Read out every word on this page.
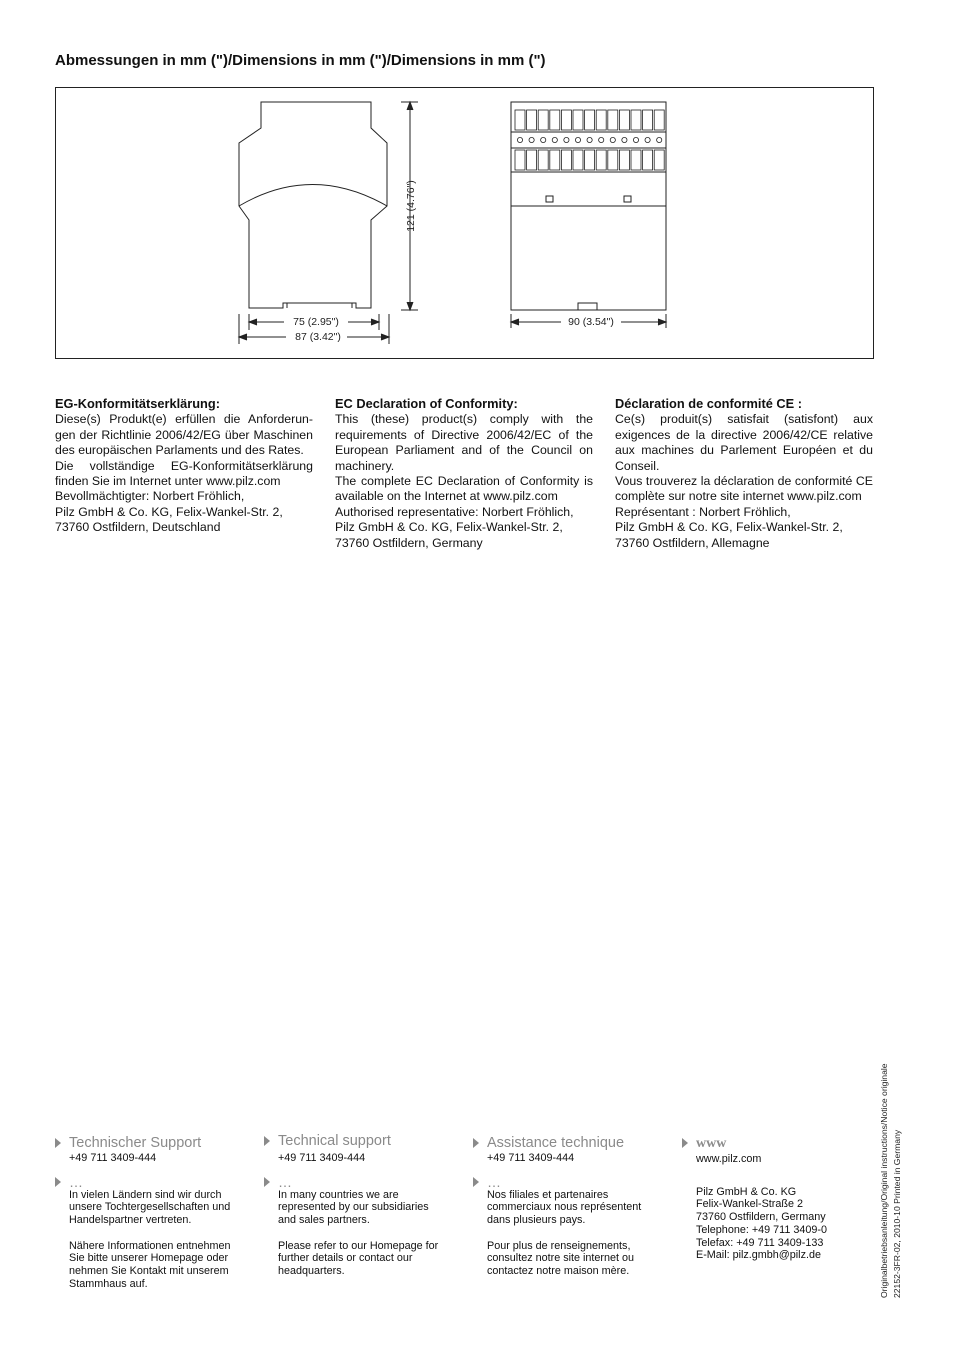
Abmessungen in mm (")/Dimensions in mm (")/Dimensions in mm (")
121 (4.76")
75 (2.95")
87 (3.42")
90 (3.54")
EG-Konformitätserklärung:

Diese(s) Produkt(e) erfüllen die Anforderun-gen der Richtlinie 2006/42/EG über Maschinen des europäischen Parlaments und des Rates.

Die vollständige EG-Konformitätserklärung finden Sie im Internet unter www.pilz.com

Bevollmächtigter: Norbert Fröhlich,

Pilz GmbH & Co. KG, Felix-Wankel-Str. 2,

73760 Ostfildern, Deutschland

EC Declaration of Conformity:

This (these) product(s) comply with the requirements of Directive 2006/42/EC of the European Parliament and of the Council on machinery.

The complete EC Declaration of Conformity is available on the Internet at www.pilz.com

Authorised representative: Norbert Fröhlich,

Pilz GmbH & Co. KG, Felix-Wankel-Str. 2,

73760 Ostfildern, Germany

Déclaration de conformité CE :

Ce(s) produit(s) satisfait (satisfont) aux exigences de la directive 2006/42/CE relative aux machines du Parlement Européen et du Conseil.

Vous trouverez la déclaration de conformité CE complète sur notre site internet www.pilz.com

Représentant : Norbert Fröhlich,

Pilz GmbH & Co. KG, Felix-Wankel-Str. 2,

73760 Ostfildern, Allemagne

Technischer Support
+49 711 3409-444
…

In vielen Ländern sind wir durch unsere Tochtergesellschaften und Handelspartner vertreten.

Nähere Informationen entnehmen Sie bitte unserer Homepage oder nehmen Sie Kontakt mit unserem Stammhaus auf.

Technical support
+49 711 3409-444
…

In many countries we are represented by our subsidiaries and sales partners.

Please refer to our Homepage for further details or contact our headquarters.

Assistance technique
+49 711 3409-444
…

Nos filiales et partenaires commerciaux nous représentent dans plusieurs pays.

Pour plus de renseignements, consultez notre site internet ou contactez notre maison mère.

www
www.pilz.com
Pilz GmbH & Co. KG
Felix-Wankel-Straße 2
73760 Ostfildern, Germany
Telephone: +49 711 3409-0
Telefax: +49 711 3409-133
E-Mail: pilz.gmbh@pilz.de	Originalbetriebsanleitung/Original instructions/Notice originale 22152-3FR-02, 2010-10 Printed in Germany
